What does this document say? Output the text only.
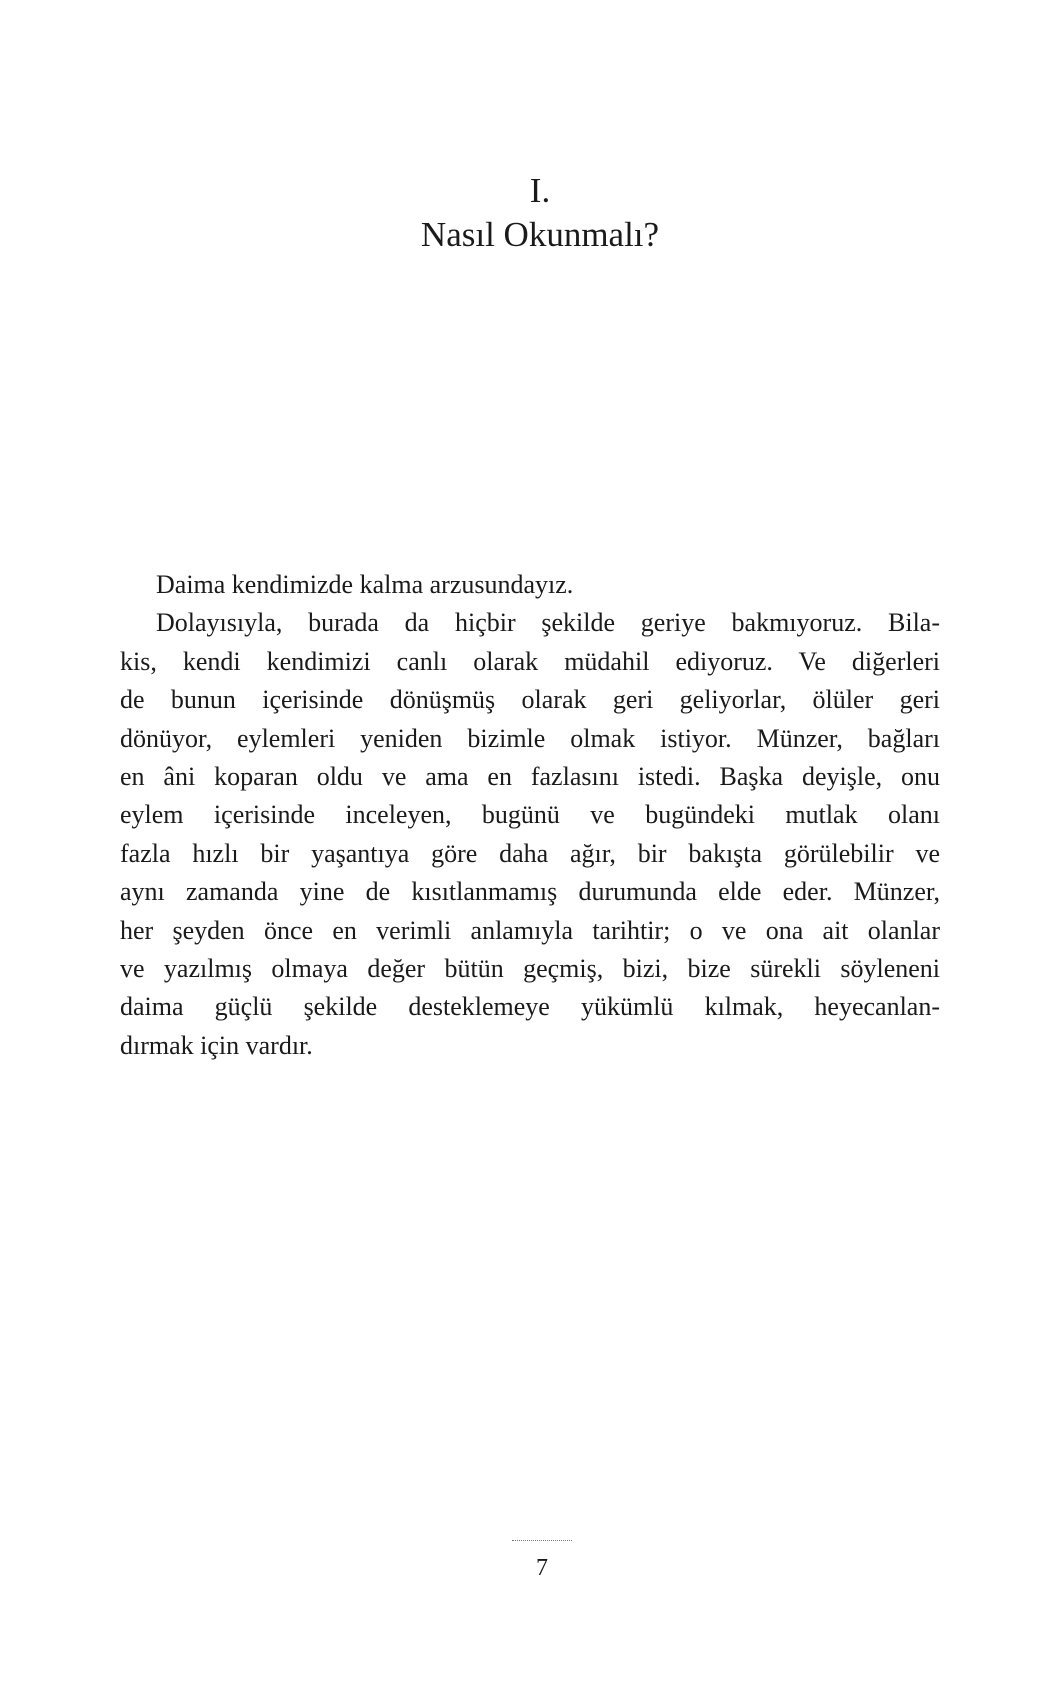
I.
Nasıl Okunmalı?
Daima kendimizde kalma arzusundayız.
Dolayısıyla, burada da hiçbir şekilde geriye bakmıyoruz. Bila-
kis, kendi kendimizi canlı olarak müdahil ediyoruz. Ve diğerleri
de bunun içerisinde dönüşmüş olarak geri geliyorlar, ölüler geri
dönüyor, eylemleri yeniden bizimle olmak istiyor. Münzer, bağları
en âni koparan oldu ve ama en fazlasını istedi. Başka deyişle, onu
eylem içerisinde inceleyen, bugünü ve bugündeki mutlak olanı
fazla hızlı bir yaşantıya göre daha ağır, bir bakışta görülebilir ve
aynı zamanda yine de kısıtlanmamış durumunda elde eder. Münzer,
her şeyden önce en verimli anlamıyla tarihtir; o ve ona ait olanlar
ve yazılmış olmaya değer bütün geçmiş, bizi, bize sürekli söyleneni
daima güçlü şekilde desteklemeye yükümlü kılmak, heyecanlan-
dırmak için vardır.
7
